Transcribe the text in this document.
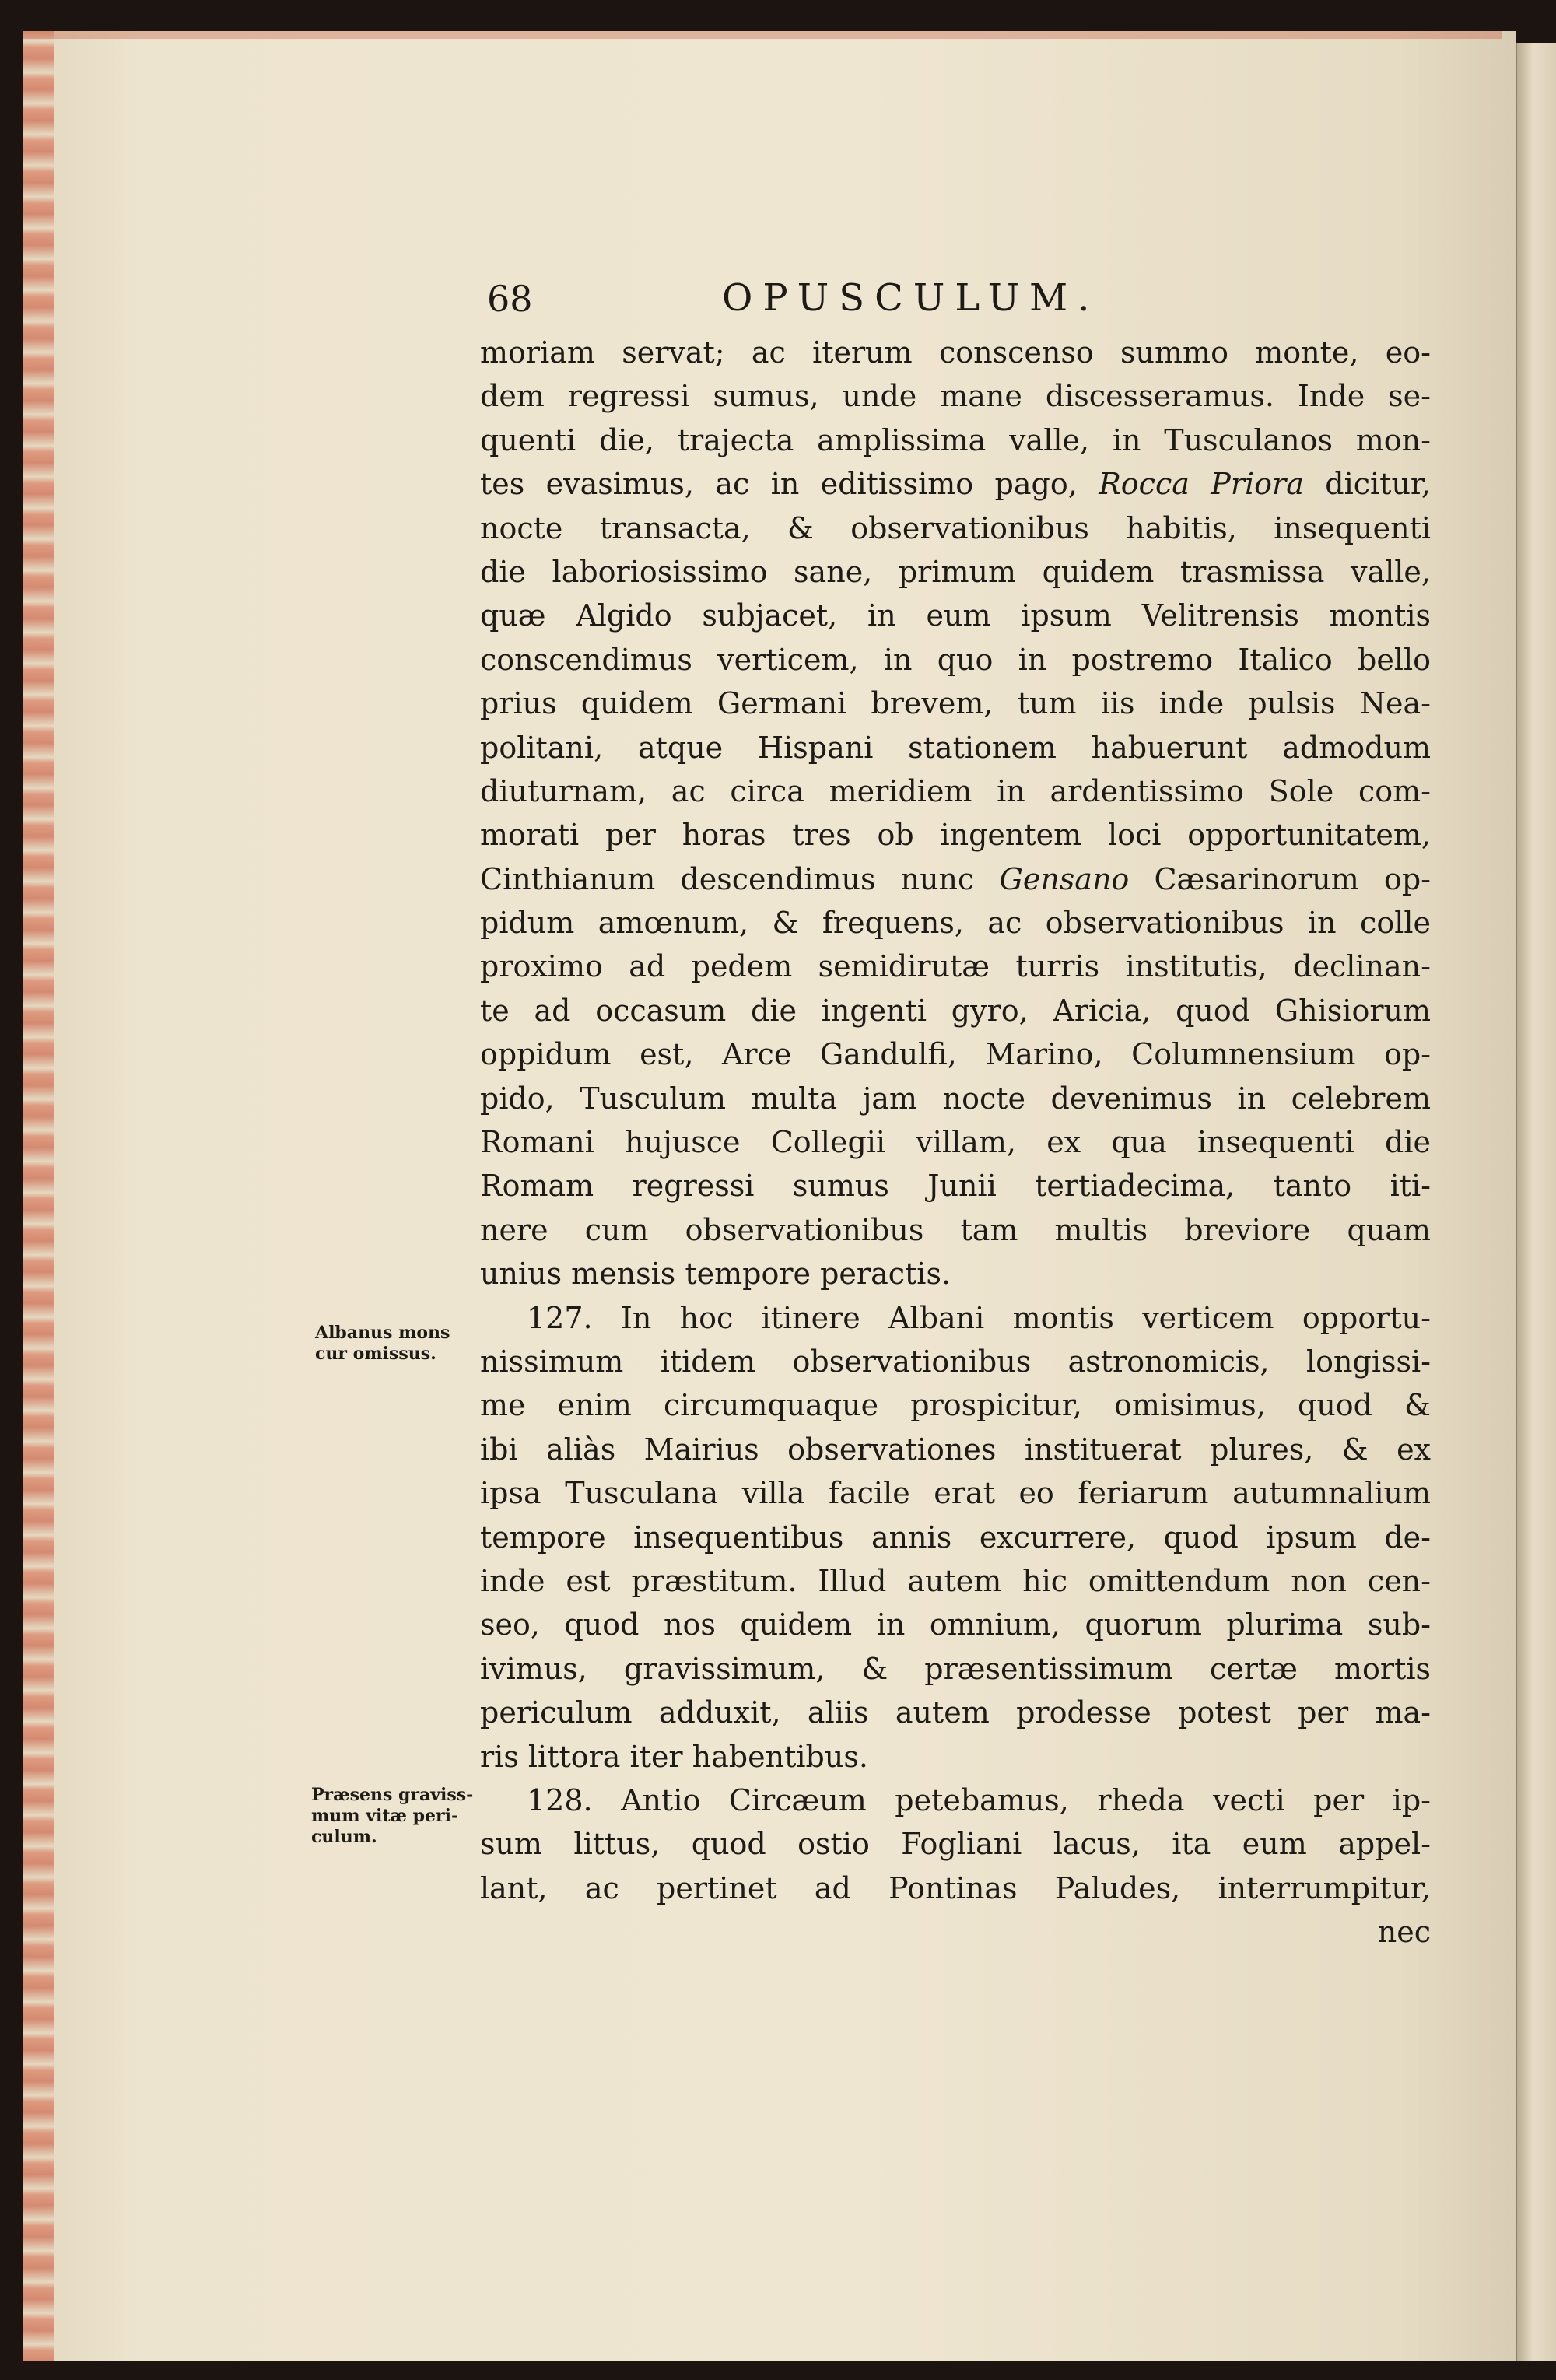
68	OPUSCULUM.
moriam servat; ac iterum conscenso summo monte, eo-
dem regressi sumus, unde mane discesseramus. Inde se-
quenti die, trajecta amplissima valle, in Tusculanos mon-
tes evasimus, ac in editissimo pago, Rocca Priora dicitur,
nocte transacta, & observationibus habitis, insequenti
die laboriosissimo sane, primum quidem trasmissa valle,
quæ Algido subjacet, in eum ipsum Velitrensis montis
conscendimus verticem, in quo in postremo Italico bello
prius quidem Germani brevem, tum iis inde pulsis Nea-
politani, atque Hispani stationem habuerunt admodum
diuturnam, ac circa meridiem in ardentissimo Sole com-
morati per horas tres ob ingentem loci opportunitatem,
Cinthianum descendimus nunc Gensano Cæsarinorum op-
pidum amœnum, & frequens, ac observationibus in colle
proximo ad pedem semidirutæ turris institutis, declinan-
te ad occasum die ingenti gyro, Aricia, quod Ghisiorum
oppidum est, Arce Gandulfi, Marino, Columnensium op-
pido, Tusculum multa jam nocte devenimus in celebrem
Romani hujusce Collegii villam, ex qua insequenti die
Romam regressi sumus Junii tertiadecima, tanto iti-
nere cum observationibus tam multis breviore quam
unius mensis tempore peractis.
127. In hoc itinere Albani montis verticem opportu-
nissimum itidem observationibus astronomicis, longissi-
me enim circumquaque prospicitur, omisimus, quod &
ibi aliàs Mairius observationes instituerat plures, & ex
ipsa Tusculana villa facile erat eo feriarum autumnalium
tempore insequentibus annis excurrere, quod ipsum de-
inde est præstitum. Illud autem hic omittendum non cen-
seo, quod nos quidem in omnium, quorum plurima sub-
ivimus, gravissimum, & præsentissimum certæ mortis
periculum adduxit, aliis autem prodesse potest per ma-
ris littora iter habentibus.
128. Antio Circæum petebamus, rheda vecti per ip-
sum littus, quod ostio Fogliani lacus, ita eum appel-
lant, ac pertinet ad Pontinas Paludes, interrumpitur,
nec
Albanus mons
cur omissus.
Præsens graviss-
mum vitæ peri-
culum.
